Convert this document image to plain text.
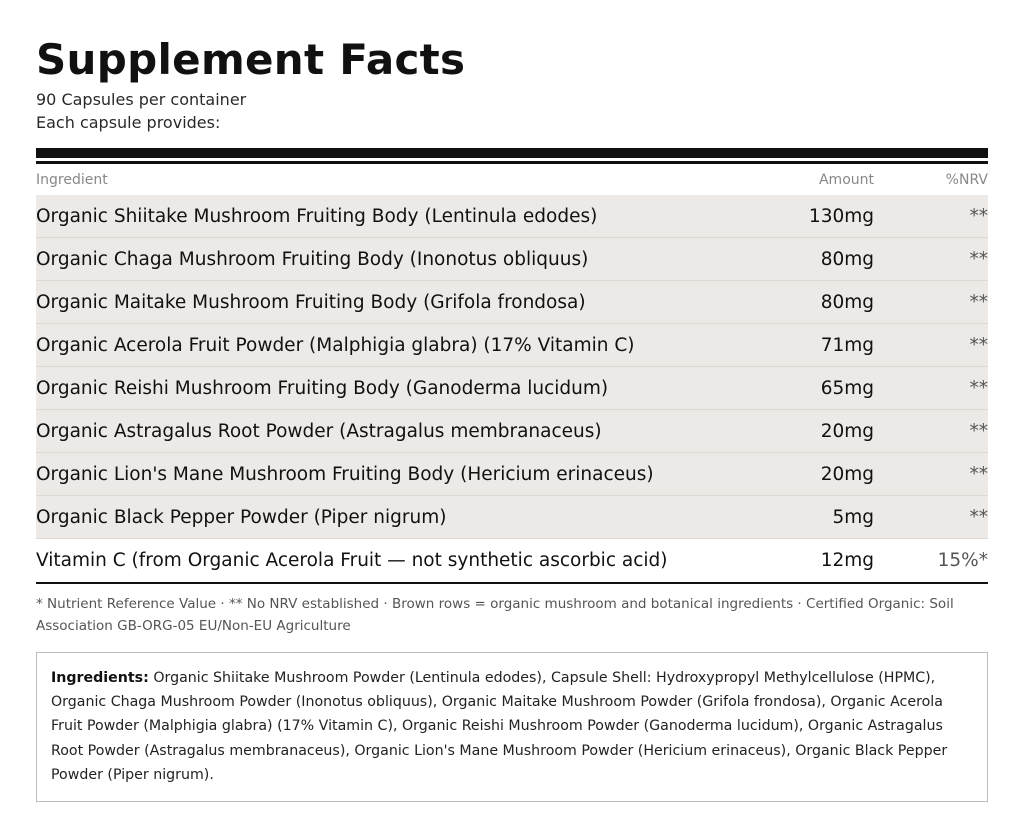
Supplement Facts
90 Capsules per container
Each capsule provides:
Ingredient	Amount	%NRV
Organic Shiitake Mushroom Fruiting Body (Lentinula edodes)	130mg	**
Organic Chaga Mushroom Fruiting Body (Inonotus obliquus)	80mg	**
Organic Maitake Mushroom Fruiting Body (Grifola frondosa)	80mg	**
Organic Acerola Fruit Powder (Malphigia glabra) (17% Vitamin C)	71mg	**
Organic Reishi Mushroom Fruiting Body (Ganoderma lucidum)	65mg	**
Organic Astragalus Root Powder (Astragalus membranaceus)	20mg	**
Organic Lion's Mane Mushroom Fruiting Body (Hericium erinaceus)	20mg	**
Organic Black Pepper Powder (Piper nigrum)	5mg	**
Vitamin C (from Organic Acerola Fruit — not synthetic ascorbic acid)	12mg	15%*
* Nutrient Reference Value · ** No NRV established · Brown rows = organic mushroom and botanical ingredients · Certified Organic: Soil Association GB-ORG-05 EU/Non-EU Agriculture
Ingredients: Organic Shiitake Mushroom Powder (Lentinula edodes), Capsule Shell: Hydroxypropyl Methylcellulose (HPMC), Organic Chaga Mushroom Powder (Inonotus obliquus), Organic Maitake Mushroom Powder (Grifola frondosa), Organic Acerola Fruit Powder (Malphigia glabra) (17% Vitamin C), Organic Reishi Mushroom Powder (Ganoderma lucidum), Organic Astragalus Root Powder (Astragalus membranaceus), Organic Lion's Mane Mushroom Powder (Hericium erinaceus), Organic Black Pepper Powder (Piper nigrum).
